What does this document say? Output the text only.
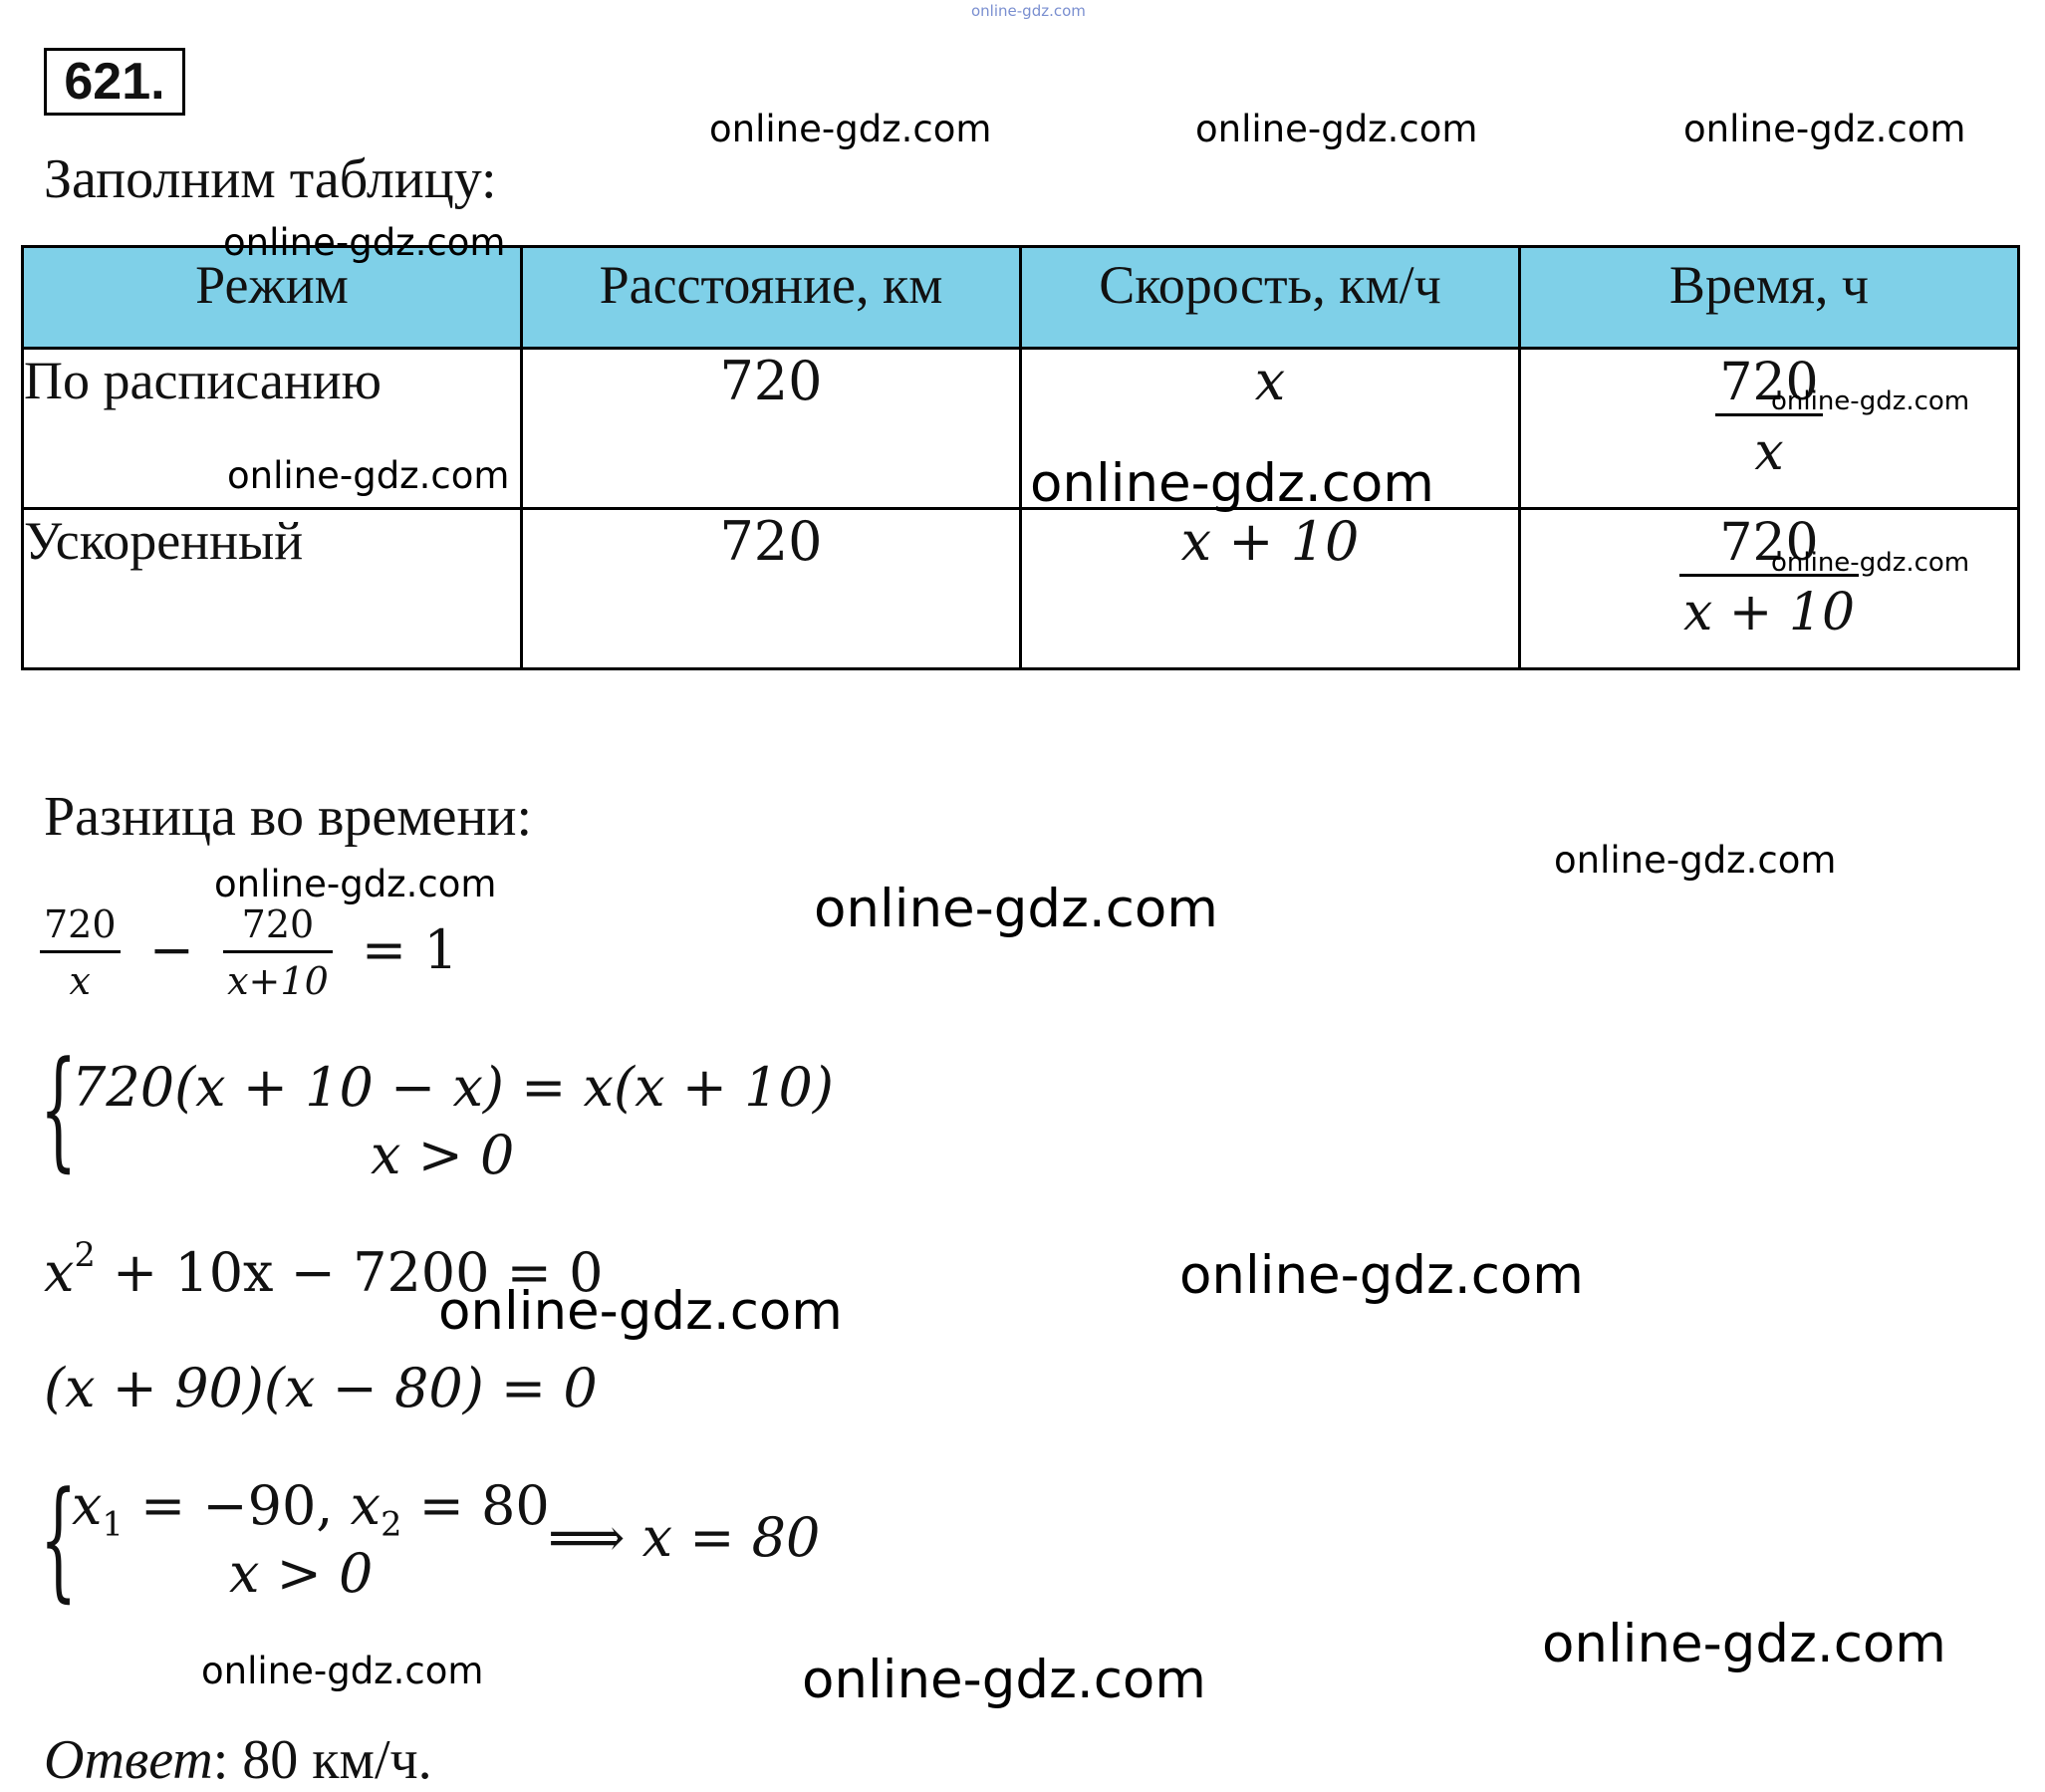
online-gdz.com
621.
Заполним таблицу:
Режим	Расстояние, км	Скорость, км/ч	Время, ч
По расписанию	720	x	$\frac{720}{x}$

Ускоренный	720	x + 10	$\frac{720}{x + 10}$
Разница во времени:
$\frac{720}{x} - \frac{720}{x+10} = 1$
{
720(x + 10 − x) = x(x + 10)
x > 0
$x^2 + 10x - 7200 = 0$
(x + 90)(x − 80) = 0
{
$x_1 = -90$, $x_2 = 80$
x > 0
⟹ x = 80
Ответ: 80 км/ч.
online-gdz.com	online-gdz.com	online-gdz.com
online-gdz.com
online-gdz.com	online-gdz.com
online-gdz.com
online-gdz.com
online-gdz.com	online-gdz.com
online-gdz.com
online-gdz.com
online-gdz.com
online-gdz.com	online-gdz.com
online-gdz.com
